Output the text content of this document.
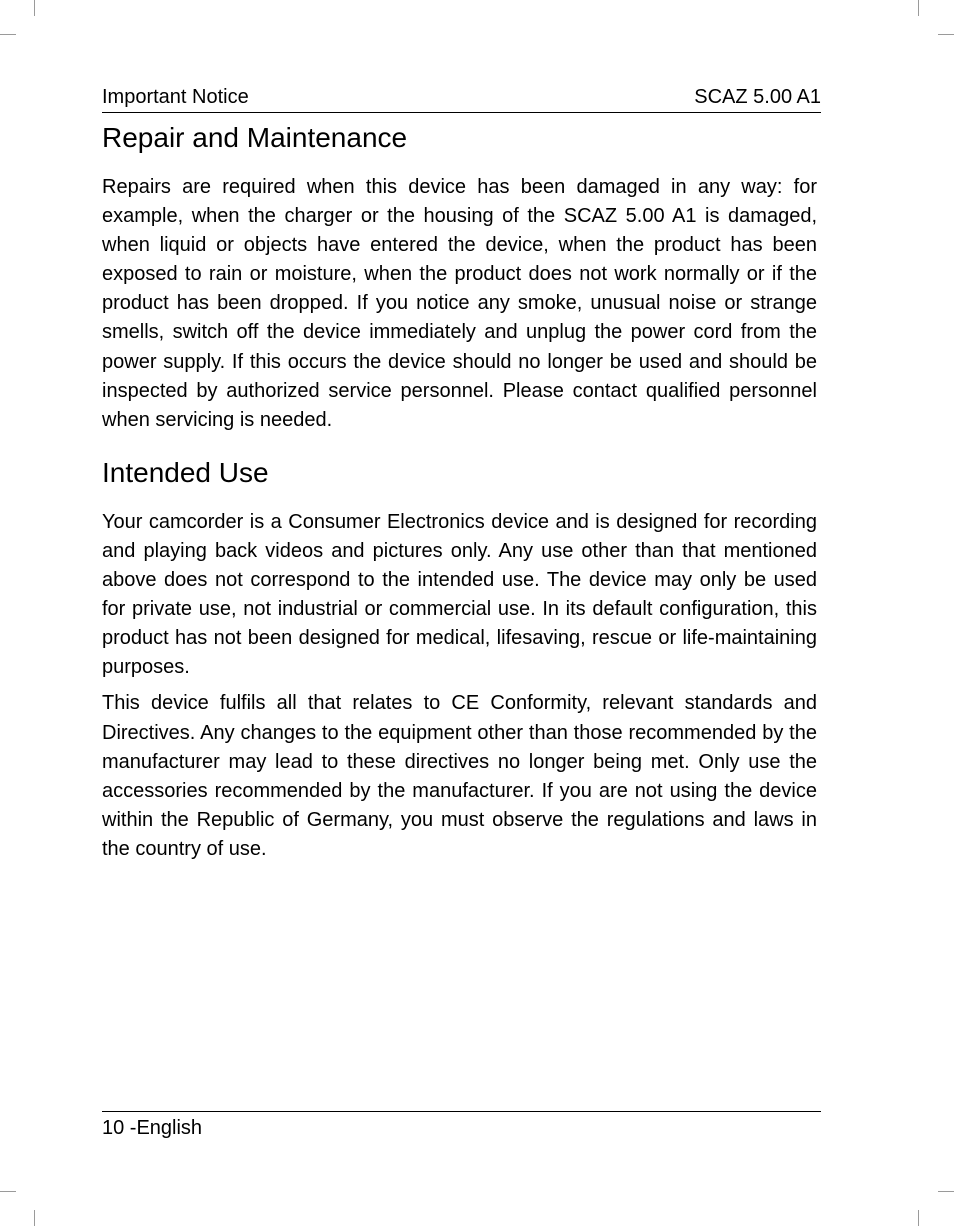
Important Notice	SCAZ 5.00 A1
Repair and Maintenance

Repairs are required when this device has been damaged in any way: for example, when the charger or the housing of the SCAZ 5.00 A1 is damaged, when liquid or objects have entered the device, when the product has been exposed to rain or moisture, when the product does not work normally or if the product has been dropped. If you notice any smoke, unusual noise or strange smells, switch off the device immediately and unplug the power cord from the power supply. If this occurs the device should no longer be used and should be inspected by authorized service personnel. Please contact qualified personnel when servicing is needed.

Intended Use

Your camcorder is a Consumer Electronics device and is designed for recording and playing back videos and pictures only. Any use other than that mentioned above does not correspond to the intended use. The device may only be used for private use, not industrial or commercial use. In its default configuration, this product has not been designed for medical, lifesaving, rescue or life-maintaining purposes.

This device fulfils all that relates to CE Conformity, relevant standards and Directives. Any changes to the equipment other than those recommended by the manufacturer may lead to these directives no longer being met. Only use the accessories recommended by the manufacturer. If you are not using the device within the Republic of Germany, you must observe the regulations and laws in the country of use.

10 -English
